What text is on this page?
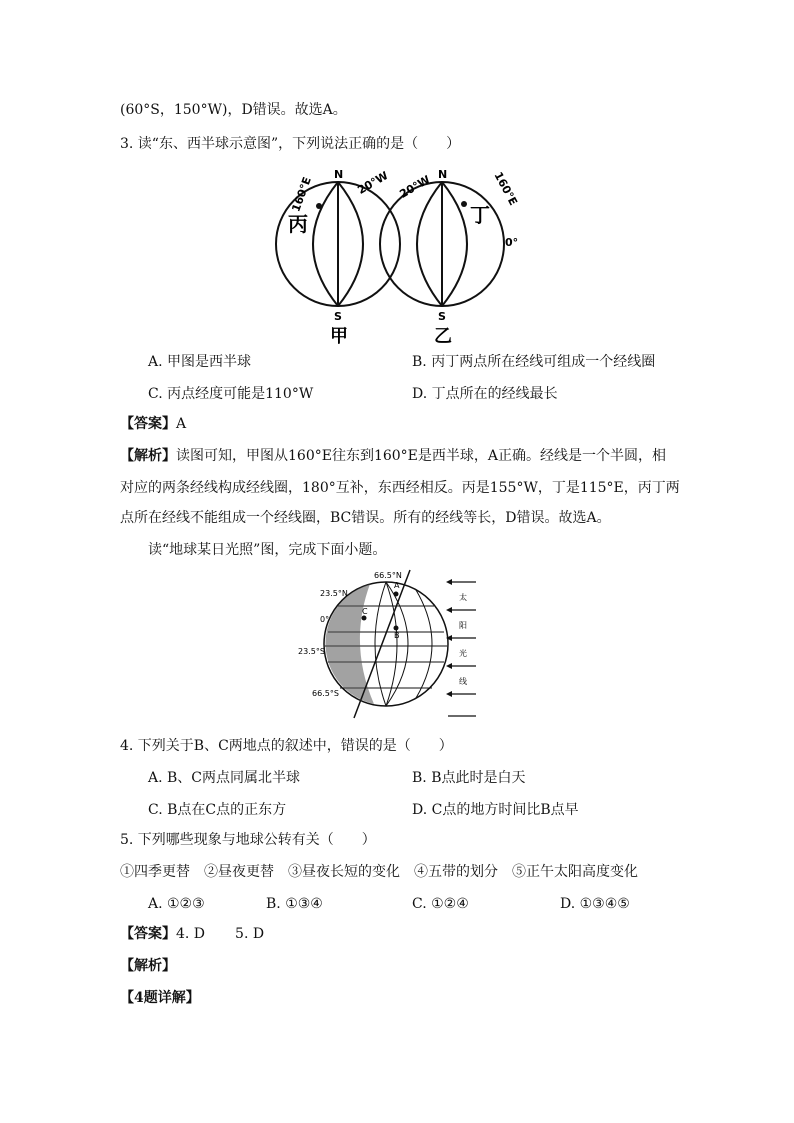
(60°S，150°W)，D错误。故选A。
3. 读“东、西半球示意图”，下列说法正确的是（　　）
160°E
N 20°W
丙
S
甲
20°W N	160°E
丁
0°
S
乙
A. 甲图是西半球	B. 丙丁两点所在经线可组成一个经线圈
C. 丙点经度可能是110°W	D. 丁点所在的经线最长
【答案】A
【解析】读图可知，甲图从160°E往东到160°E是西半球，A正确。经线是一个半圆，相
对应的两条经线构成经线圈，180°互补，东西经相反。丙是155°W，丁是115°E，丙丁两
点所在经线不能组成一个经线圈，BC错误。所有的经线等长，D错误。故选A。
读“地球某日光照”图，完成下面小题。
A
B
C
66.5°N
23.5°N
0°
23.5°S
66.5°S
太
阳
光
线
4. 下列关于B、C两地点的叙述中，错误的是（　　）
A. B、C两点同属北半球	B. B点此时是白天
C. B点在C点的正东方	D. C点的地方时间比B点早
5. 下列哪些现象与地球公转有关（　　）
①四季更替　②昼夜更替　③昼夜长短的变化　④五带的划分　⑤正午太阳高度变化
A. ①②③	B. ①③④	C. ①②④	D. ①③④⑤
【答案】4. D 5. D
【解析】
【4题详解】
